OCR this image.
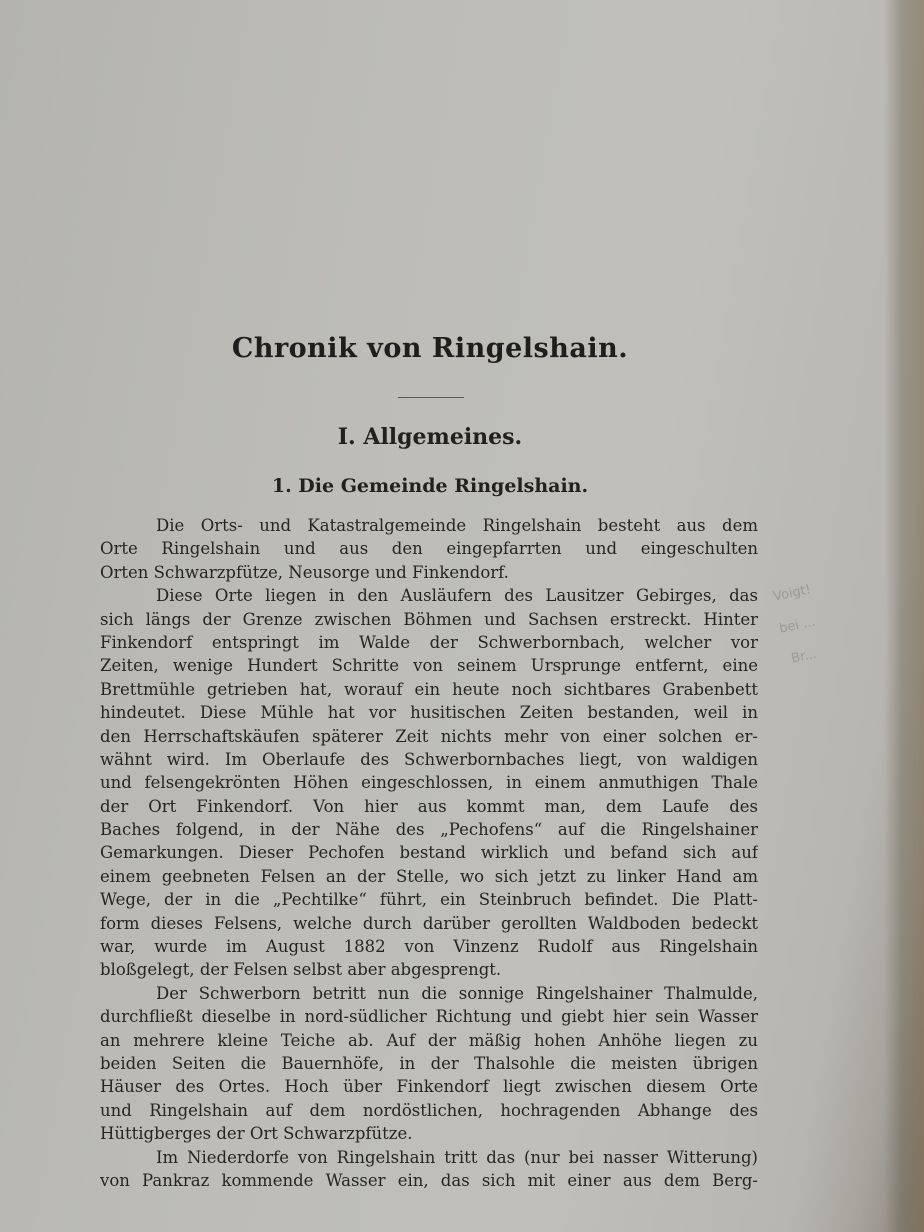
Chronik von Ringelshain.
I. Allgemeines.
1. Die Gemeinde Ringelshain.
Die Orts- und Katastralgemeinde Ringelshain besteht aus dem
Orte Ringelshain und aus den eingepfarrten und eingeschulten
Orten Schwarzpfütze, Neusorge und Finkendorf.
Diese Orte liegen in den Ausläufern des Lausitzer Gebirges, das
sich längs der Grenze zwischen Böhmen und Sachsen erstreckt. Hinter
Finkendorf entspringt im Walde der Schwerbornbach, welcher vor
Zeiten, wenige Hundert Schritte von seinem Ursprunge entfernt, eine
Brettmühle getrieben hat, worauf ein heute noch sichtbares Grabenbett
hindeutet. Diese Mühle hat vor husitischen Zeiten bestanden, weil in
den Herrschaftskäufen späterer Zeit nichts mehr von einer solchen er-
wähnt wird. Im Oberlaufe des Schwerbornbaches liegt, von waldigen
und felsengekrönten Höhen eingeschlossen, in einem anmuthigen Thale
der Ort Finkendorf. Von hier aus kommt man, dem Laufe des
Baches folgend, in der Nähe des „Pechofens“ auf die Ringelshainer
Gemarkungen. Dieser Pechofen bestand wirklich und befand sich auf
einem geebneten Felsen an der Stelle, wo sich jetzt zu linker Hand am
Wege, der in die „Pechtilke“ führt, ein Steinbruch befindet. Die Platt-
form dieses Felsens, welche durch darüber gerollten Waldboden bedeckt
war, wurde im August 1882 von Vinzenz Rudolf aus Ringelshain
bloßgelegt, der Felsen selbst aber abgesprengt.
Der Schwerborn betritt nun die sonnige Ringelshainer Thalmulde,
durchfließt dieselbe in nord-südlicher Richtung und giebt hier sein Wasser
an mehrere kleine Teiche ab. Auf der mäßig hohen Anhöhe liegen zu
beiden Seiten die Bauernhöfe, in der Thalsohle die meisten übrigen
Häuser des Ortes. Hoch über Finkendorf liegt zwischen diesem Orte
und Ringelshain auf dem nordöstlichen, hochragenden Abhange des
Hüttigberges der Ort Schwarzpfütze.
Im Niederdorfe von Ringelshain tritt das (nur bei nasser Witterung)
von Pankraz kommende Wasser ein, das sich mit einer aus dem Berg-
Voigt!
bei ...
Br...
